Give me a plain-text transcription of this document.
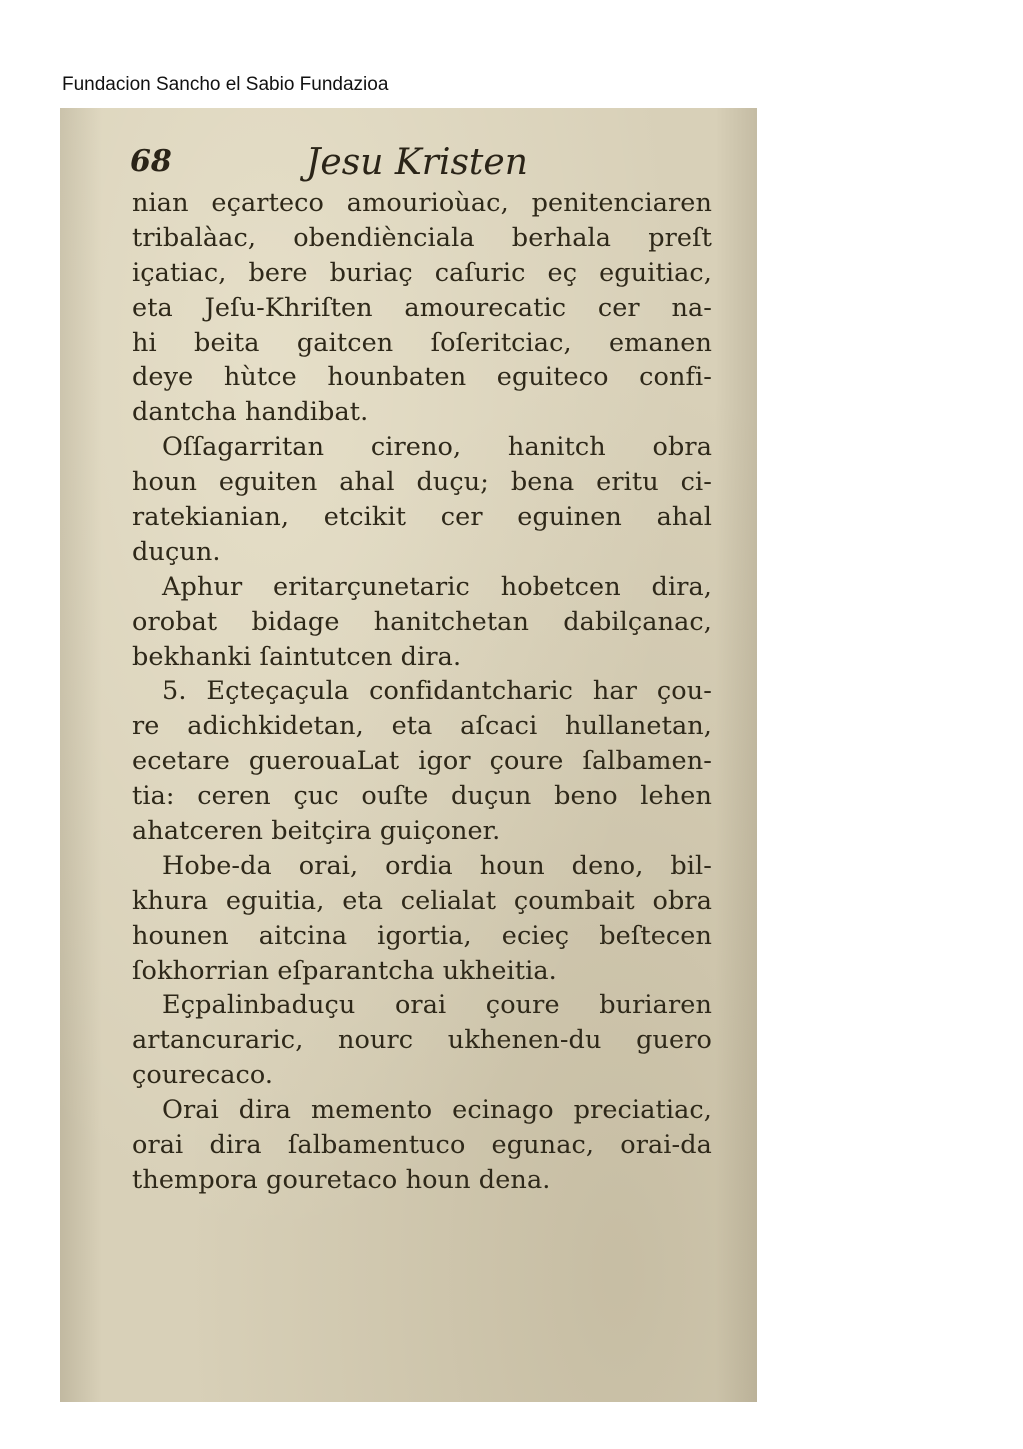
Fundacion Sancho el Sabio Fundazioa
68	Jesu Kristen
nian eçarteco amourioùac, penitenciaren
tribalàac, obendiènciala berhala preſt
içatiac, bere buriaç caſuric eç eguitiac,
eta Jeſu-Khriſten amourecatic cer na-
hi beita gaitcen ſoſeritciac, emanen
deye hùtce hounbaten eguiteco confi-
dantcha handibat.
Oſſagarritan cireno, hanitch obra
houn eguiten ahal duçu; bena eritu ci-
ratekianian, etcikit cer eguinen ahal
duçun.
Aphur eritarçunetaric hobetcen dira,
orobat bidage hanitchetan dabilçanac,
bekhanki ſaintutcen dira.
5. Eçteçaçula confidantcharic har çou-
re adichkidetan, eta aſcaci hullanetan,
ecetare guerouaLat igor çoure ſalbamen-
tia: ceren çuc ouſte duçun beno lehen
ahatceren beitçira guiçoner.
Hobe-da orai, ordia houn deno, bil-
khura eguitia, eta celialat çoumbait obra
hounen aitcina igortia, ecieç beſtecen
ſokhorrian eſparantcha ukheitia.
Eçpalinbaduçu orai çoure buriaren
artancuraric, nourc ukhenen-du guero
çourecaco.
Orai dira memento ecinago preciatiac,
orai dira ſalbamentuco egunac, orai-da
thempora gouretaco houn dena.
